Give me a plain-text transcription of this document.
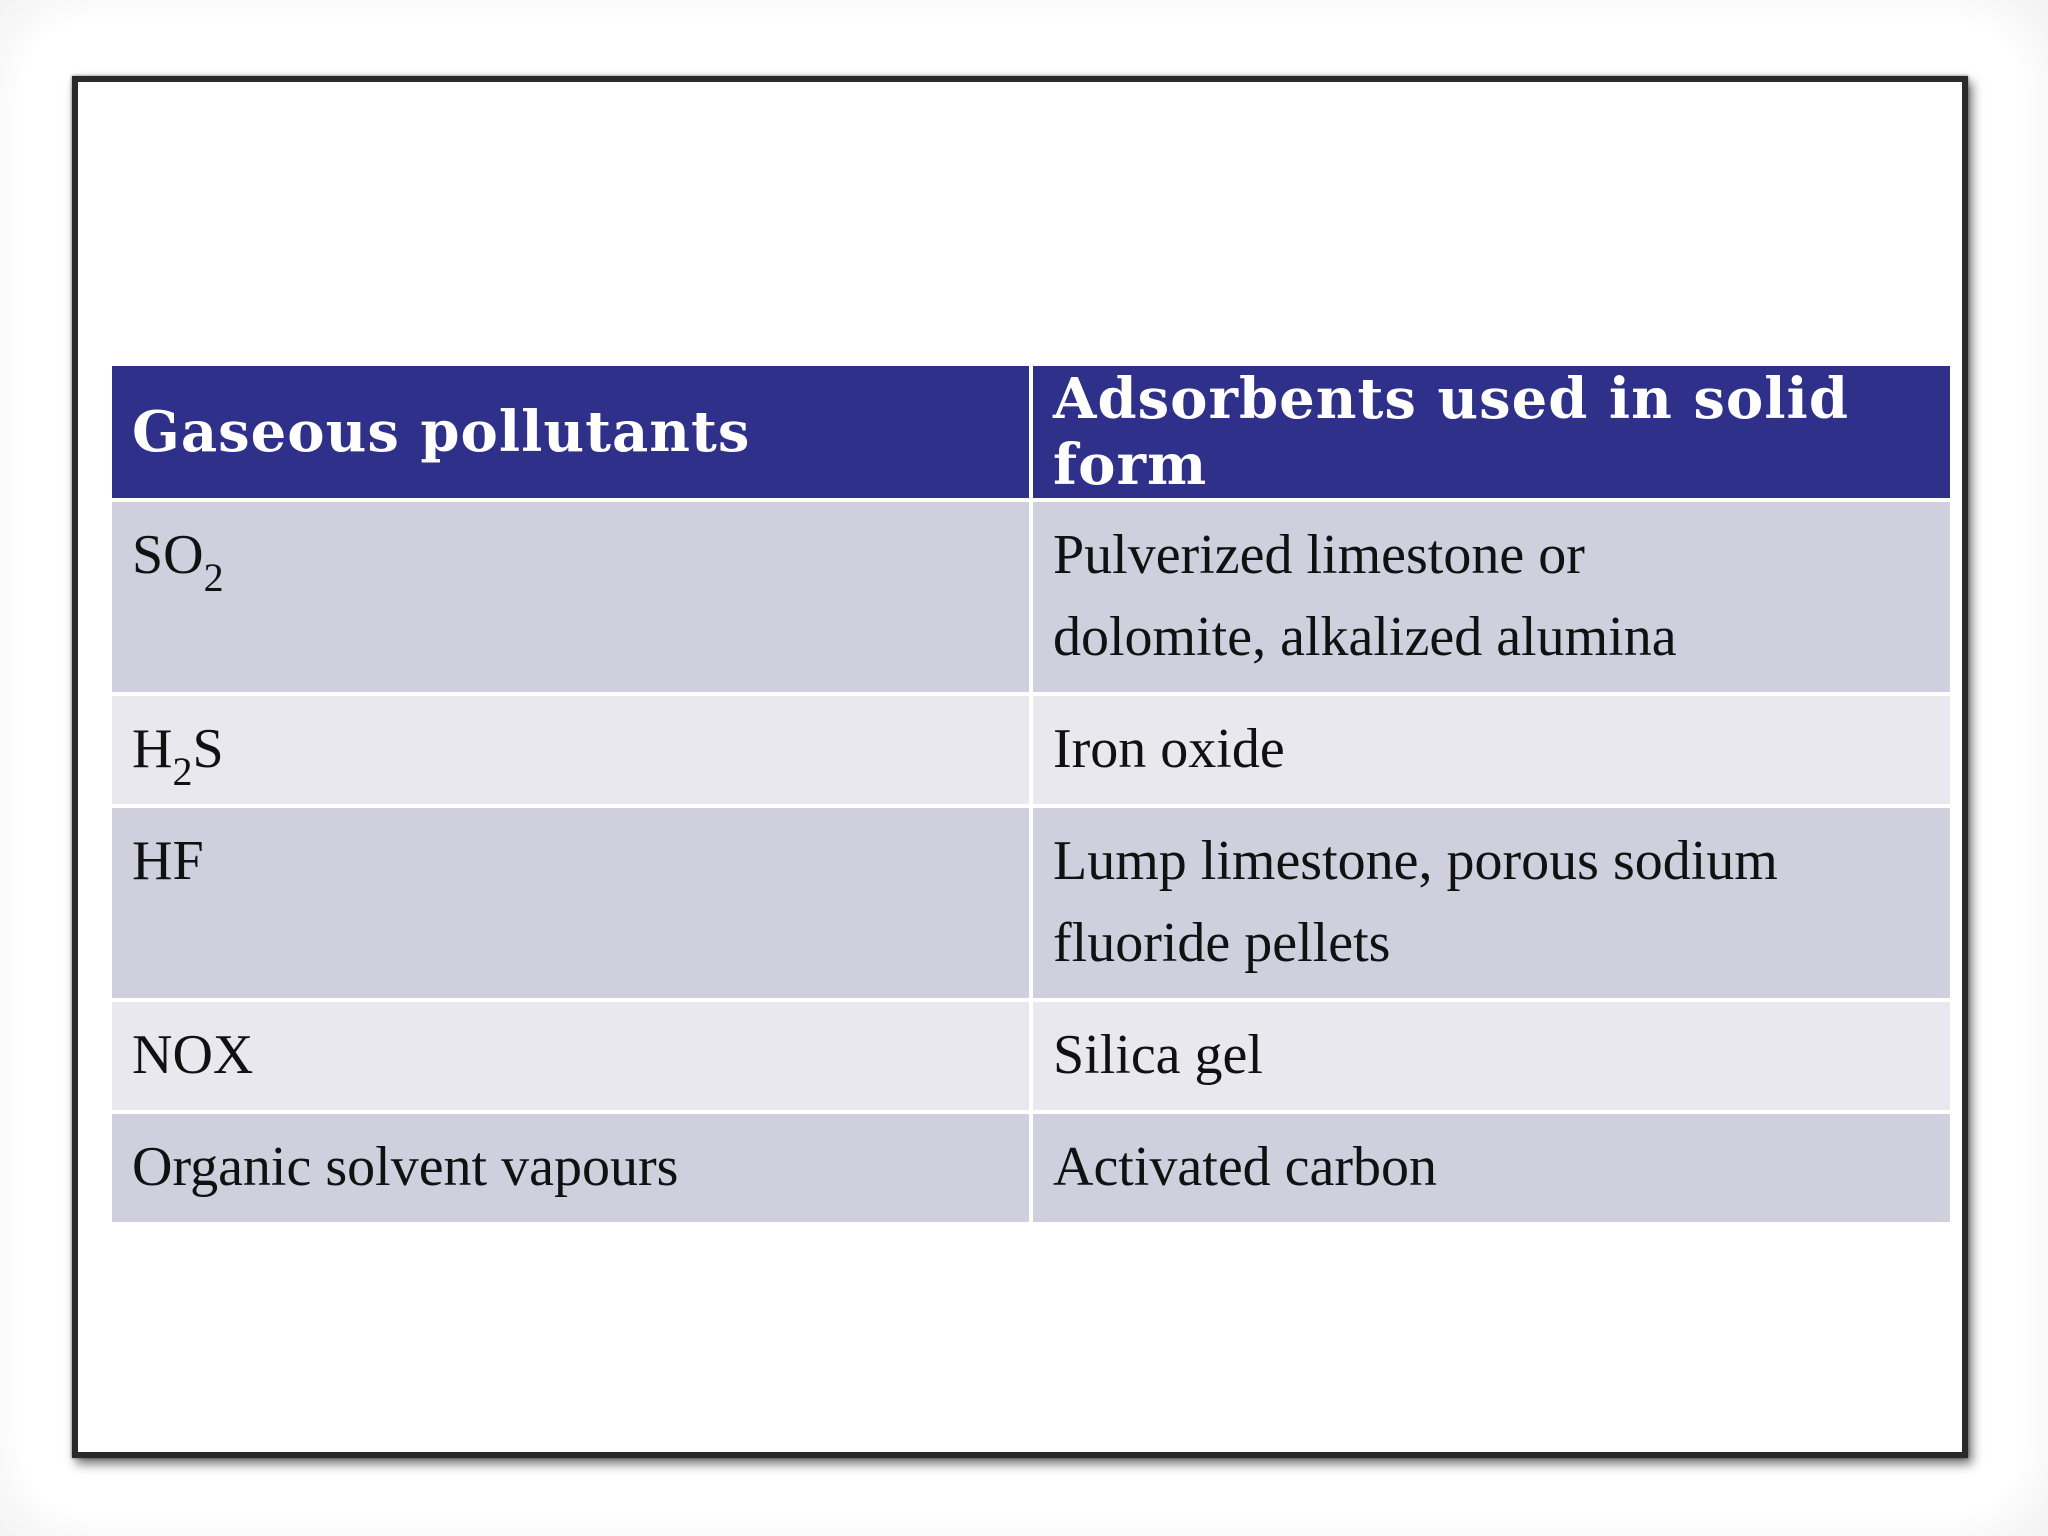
Gaseous pollutants	Adsorbents used in solid form
$SO_2$	Pulverized limestone or
dolomite, alkalized alumina
$H_2S$	Iron oxide
HF	Lump limestone, porous sodium
fluoride pellets
NOX	Silica gel
Organic solvent vapours	Activated carbon
